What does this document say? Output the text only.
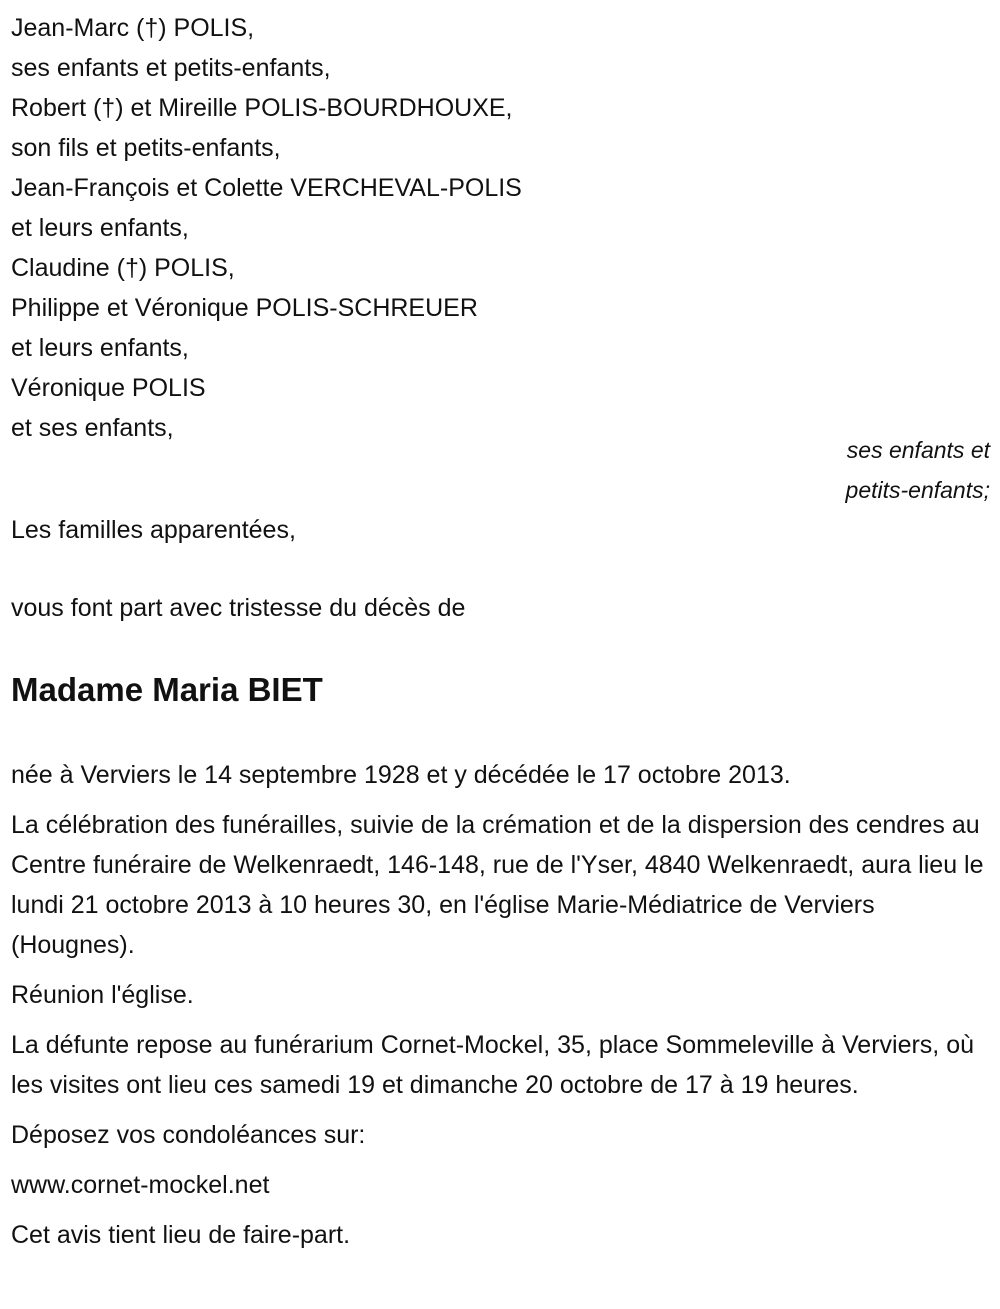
Jean-Marc (†) POLIS,
ses enfants et petits-enfants,
Robert (†) et Mireille POLIS-BOURDHOUXE,
son fils et petits-enfants,
Jean-François et Colette VERCHEVAL-POLIS
et leurs enfants,
Claudine (†) POLIS,
Philippe et Véronique POLIS-SCHREUER
et leurs enfants,
Véronique POLIS
et ses enfants,
ses enfants et
petits-enfants;
Les familles apparentées,
vous font part avec tristesse du décès de
Madame Maria BIET
née à Verviers le 14 septembre 1928 et y décédée le 17 octobre 2013.
La célébration des funérailles, suivie de la crémation et de la dispersion des cendres au Centre funéraire de Welkenraedt, 146-148, rue de l'Yser, 4840 Welkenraedt, aura lieu le lundi 21 octobre 2013 à 10 heures 30, en l'église Marie-Médiatrice de Verviers (Hougnes).
Réunion l'église.
La défunte repose au funérarium Cornet-Mockel, 35, place Sommeleville à Verviers, où les visites ont lieu ces samedi 19 et dimanche 20 octobre de 17 à 19 heures.
Déposez vos condoléances sur:
www.cornet-mockel.net
Cet avis tient lieu de faire-part.
